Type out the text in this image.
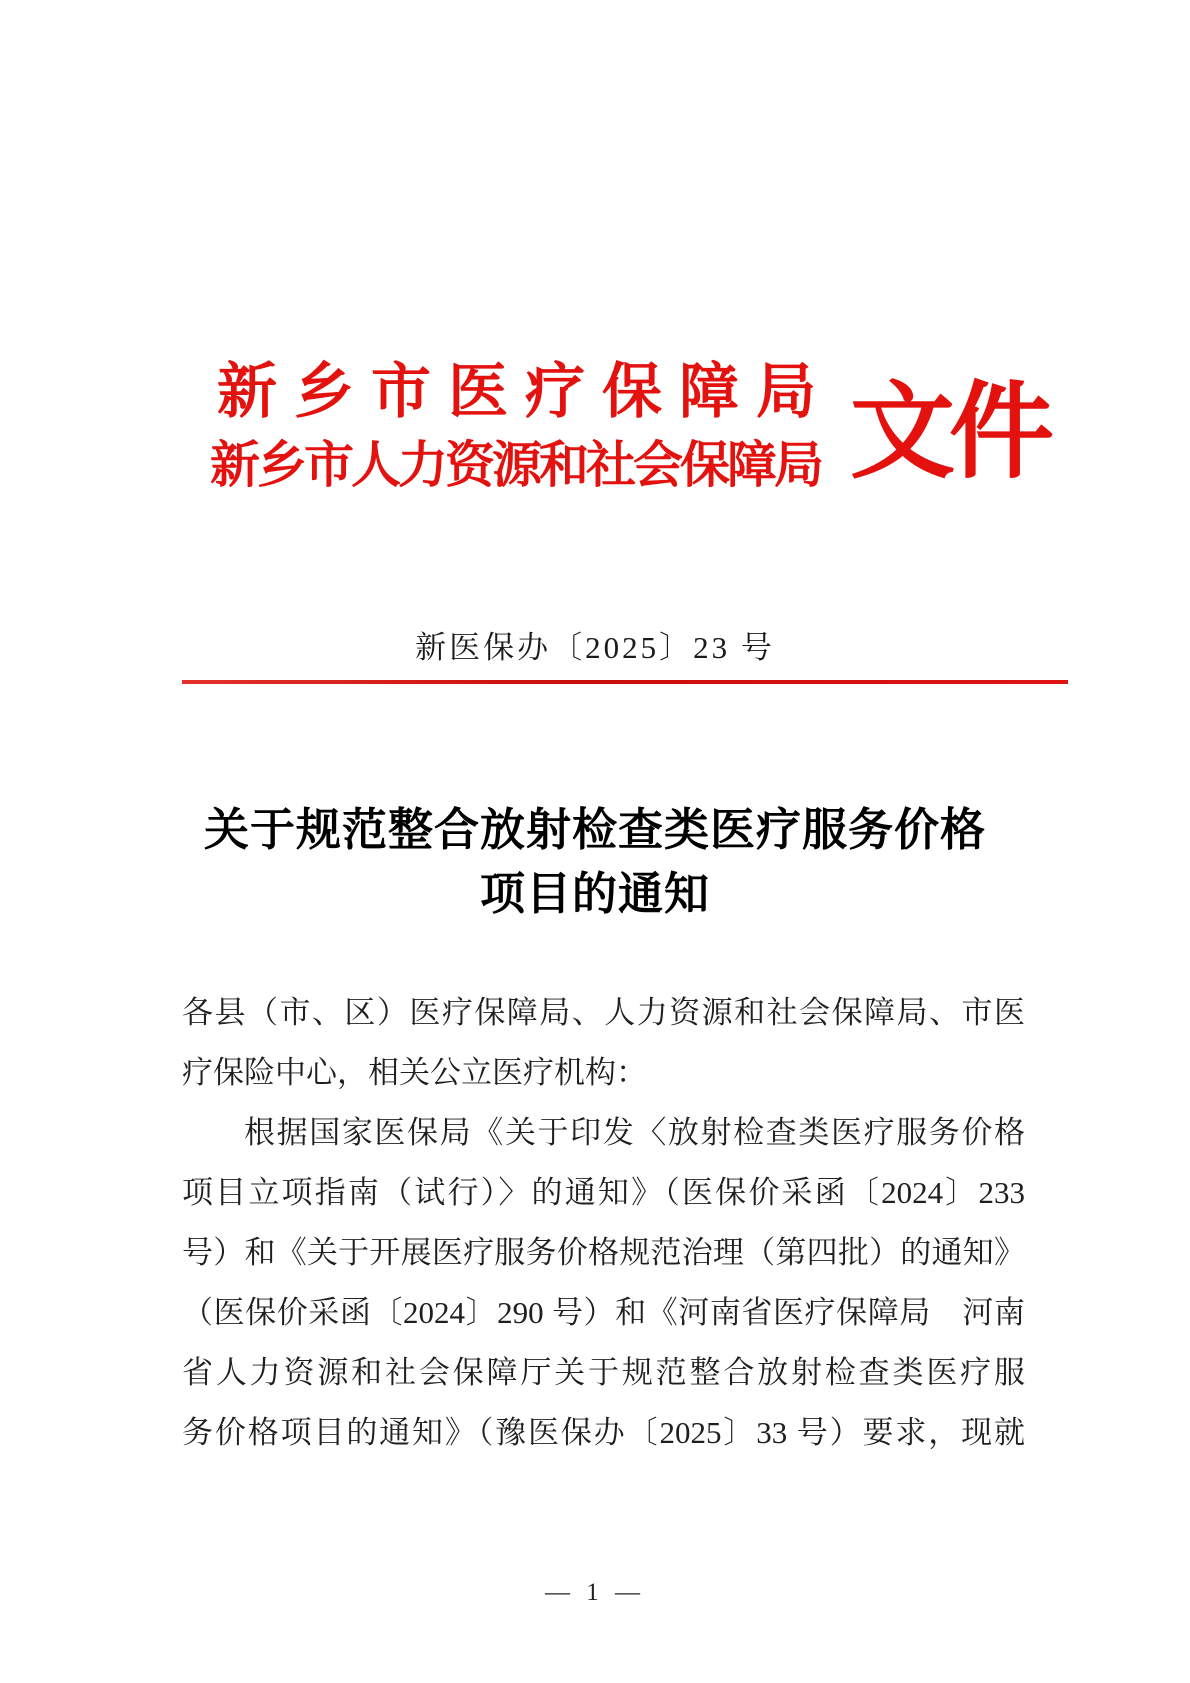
新乡市医疗保障局
新乡市人力资源和社会保障局 文件
新医保办〔2025〕23 号
关于规范整合放射检查类医疗服务价格
项目的通知
各县（市、区）医疗保障局、人力资源和社会保障局、市医
疗保险中心，相关公立医疗机构：
根据国家医保局《关于印发〈放射检查类医疗服务价格
项目立项指南（试行）〉的通知》（医保价采函〔2024〕233
号）和《关于开展医疗服务价格规范治理（第四批）的通知》
（医保价采函〔2024〕290 号）和《河南省医疗保障局　河南
省人力资源和社会保障厅关于规范整合放射检查类医疗服
务价格项目的通知》（豫医保办〔2025〕33 号）要求，现就
— 1 —
